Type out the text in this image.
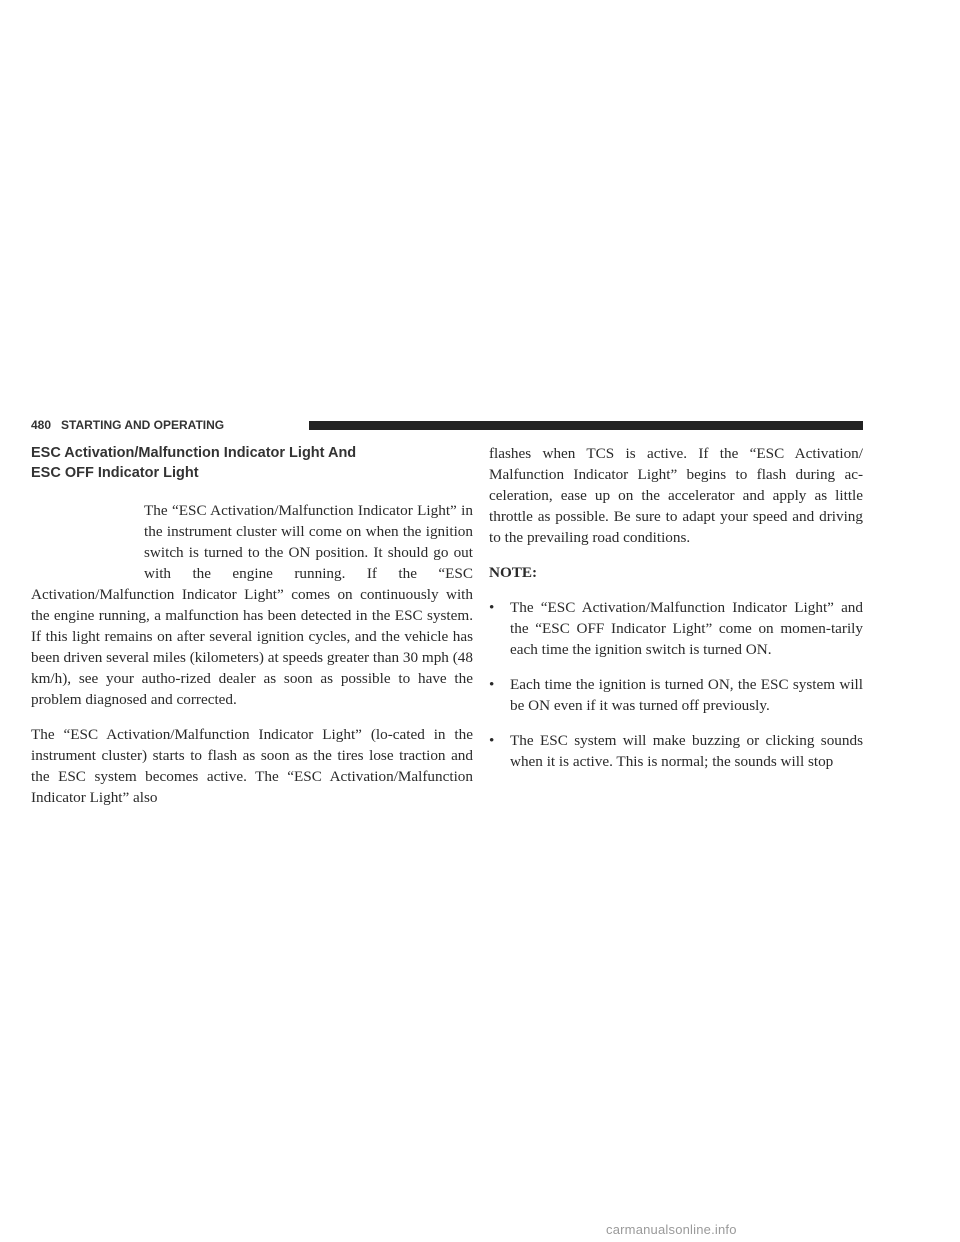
480 STARTING AND OPERATING
ESC Activation/Malfunction Indicator Light And
ESC OFF Indicator Light

The “ESC Activation/Malfunction Indicator Light” in the instrument cluster will come on when the ignition switch is turned to the ON position. It should go out with the engine running. If the “ESC Activation/Malfunction Indicator Light” comes on continuously with the engine running, a malfunction has been detected in the ESC system. If this light remains on after several ignition cycles, and the vehicle has been driven several miles (kilometers) at speeds greater than 30 mph (48 km/h), see your autho-rized dealer as soon as possible to have the problem diagnosed and corrected.

The “ESC Activation/Malfunction Indicator Light” (lo-cated in the instrument cluster) starts to flash as soon as the tires lose traction and the ESC system becomes active. The “ESC Activation/Malfunction Indicator Light” also

flashes when TCS is active. If the “ESC Activation/ Malfunction Indicator Light” begins to flash during ac-celeration, ease up on the accelerator and apply as little throttle as possible. Be sure to adapt your speed and driving to the prevailing road conditions.

NOTE:

• The “ESC Activation/Malfunction Indicator Light” and the “ESC OFF Indicator Light” come on momen-tarily each time the ignition switch is turned ON.
• Each time the ignition is turned ON, the ESC system will be ON even if it was turned off previously.
• The ESC system will make buzzing or clicking sounds when it is active. This is normal; the sounds will stop
carmanualsonline.info
